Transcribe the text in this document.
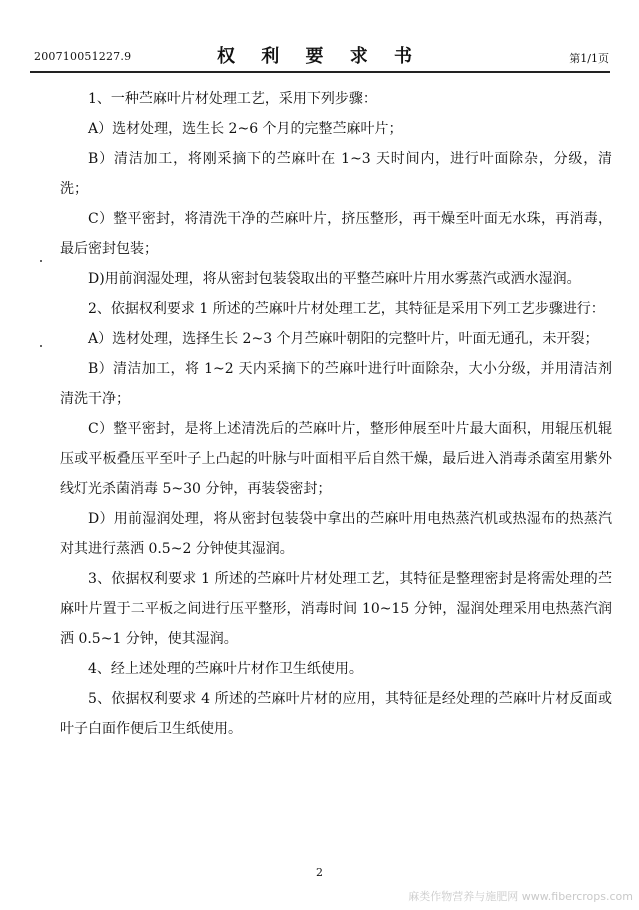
200710051227.9	权 利 要 求 书	第1/1页

1、一种苎麻叶片材处理工艺，采用下列步骤：

A）选材处理，选生长 2~6 个月的完整苎麻叶片；

B）清洁加工，将刚采摘下的苎麻叶在 1~3 天时间内，进行叶面除杂，分级，清洗；

C）整平密封，将清洗干净的苎麻叶片，挤压整形，再干燥至叶面无水珠，再消毒，最后密封包装；

D)用前润湿处理，将从密封包装袋取出的平整苎麻叶片用水雾蒸汽或洒水湿润。

2、依据权利要求 1 所述的苎麻叶片材处理工艺，其特征是采用下列工艺步骤进行：

A）选材处理，选择生长 2~3 个月苎麻叶朝阳的完整叶片，叶面无通孔，未开裂；

B）清洁加工，将 1~2 天内采摘下的苎麻叶进行叶面除杂，大小分级，并用清洁剂清洗干净；

C）整平密封，是将上述清洗后的苎麻叶片，整形伸展至叶片最大面积，用辊压机辊压或平板叠压平至叶子上凸起的叶脉与叶面相平后自然干燥，最后进入消毒杀菌室用紫外线灯光杀菌消毒 5~30 分钟，再装袋密封；

D）用前湿润处理，将从密封包装袋中拿出的苎麻叶用电热蒸汽机或热湿布的热蒸汽对其进行蒸洒 0.5~2 分钟使其湿润。

3、依据权利要求 1 所述的苎麻叶片材处理工艺，其特征是整理密封是将需处理的苎麻叶片置于二平板之间进行压平整形，消毒时间 10~15 分钟，湿润处理采用电热蒸汽润洒 0.5~1 分钟，使其湿润。

4、经上述处理的苎麻叶片材作卫生纸使用。

5、依据权利要求 4 所述的苎麻叶片材的应用，其特征是经处理的苎麻叶片材反面或叶子白面作便后卫生纸使用。

2
麻类作物营养与施肥网 www.fibercrops.com
